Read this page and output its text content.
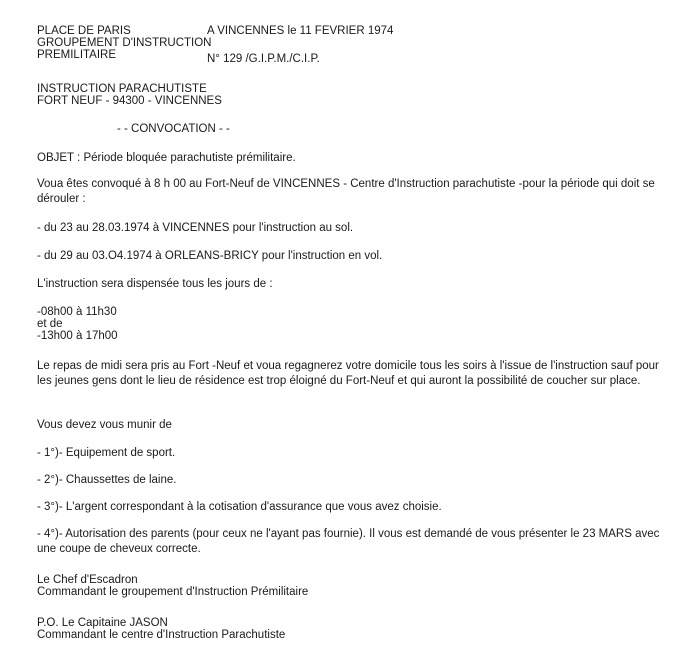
PLACE DE PARIS
GROUPEMENT D'INSTRUCTION
PREMILITAIRE
A VINCENNES le 11 FEVRIER 1974
N° 129 /G.I.P.M./C.I.P.
INSTRUCTION PARACHUTISTE
FORT NEUF - 94300 - VINCENNES
- - CONVOCATION - -
OBJET : Période bloquée parachutiste prémilitaire.
Voua êtes convoqué à 8 h 00 au Fort-Neuf de VINCENNES - Centre d'Instruction parachutiste -pour la période qui doit se dérouler :
- du 23 au 28.03.1974 à VINCENNES pour l'instruction au sol.
- du 29 au 03.O4.1974 à ORLEANS-BRICY pour l'instruction en vol.
L'instruction sera dispensée tous les jours de :
-08h00 à 11h30
et de
-13h00 à 17h00
Le repas de midi sera pris au Fort -Neuf et voua regagnerez votre domicile tous les soirs à l'issue de l'instruction sauf pour les jeunes gens dont le lieu de résidence est trop éloigné du Fort-Neuf et qui auront la possibilité de coucher sur place.
Vous devez vous munir de
- 1°)- Equipement de sport.
- 2°)- Chaussettes de laine.
- 3°)- L'argent correspondant à la cotisation d'assurance que vous avez choisie.
- 4°)- Autorisation des parents (pour ceux ne l'ayant pas fournie). Il vous est demandé de vous présenter le 23 MARS avec une coupe de cheveux correcte.
Le Chef d'Escadron
Commandant le groupement d'Instruction Prémilitaire
P.O. Le Capitaine JASON
Commandant le centre d'Instruction Parachutiste
